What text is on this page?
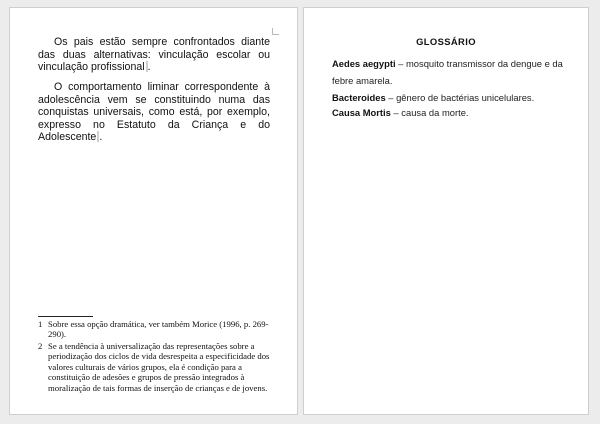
Os pais estão sempre confrontados diante das duas alternativas: vinculação escolar ou vinculação profissional .
O comportamento liminar correspondente à adolescência vem se constituindo numa das conquistas universais, como está, por exemplo, expresso no Estatuto da Criança e do Adolescente .
1 Sobre essa opção dramática, ver também Morice (1996, p. 269-290).
2 Se a tendência à universalização das representações sobre a periodização dos ciclos de vida desrespeita a especificidade dos valores culturais de vários grupos, ela é condição para a constituição de adesões e grupos de pressão integrados à moralização de tais formas de inserção de crianças e de jovens.
GLOSSÁRIO
Aedes aegypti – mosquito transmissor da dengue e da febre amarela.
Bacteroides – gênero de bactérias unicelulares.
Causa Mortis – causa da morte.
